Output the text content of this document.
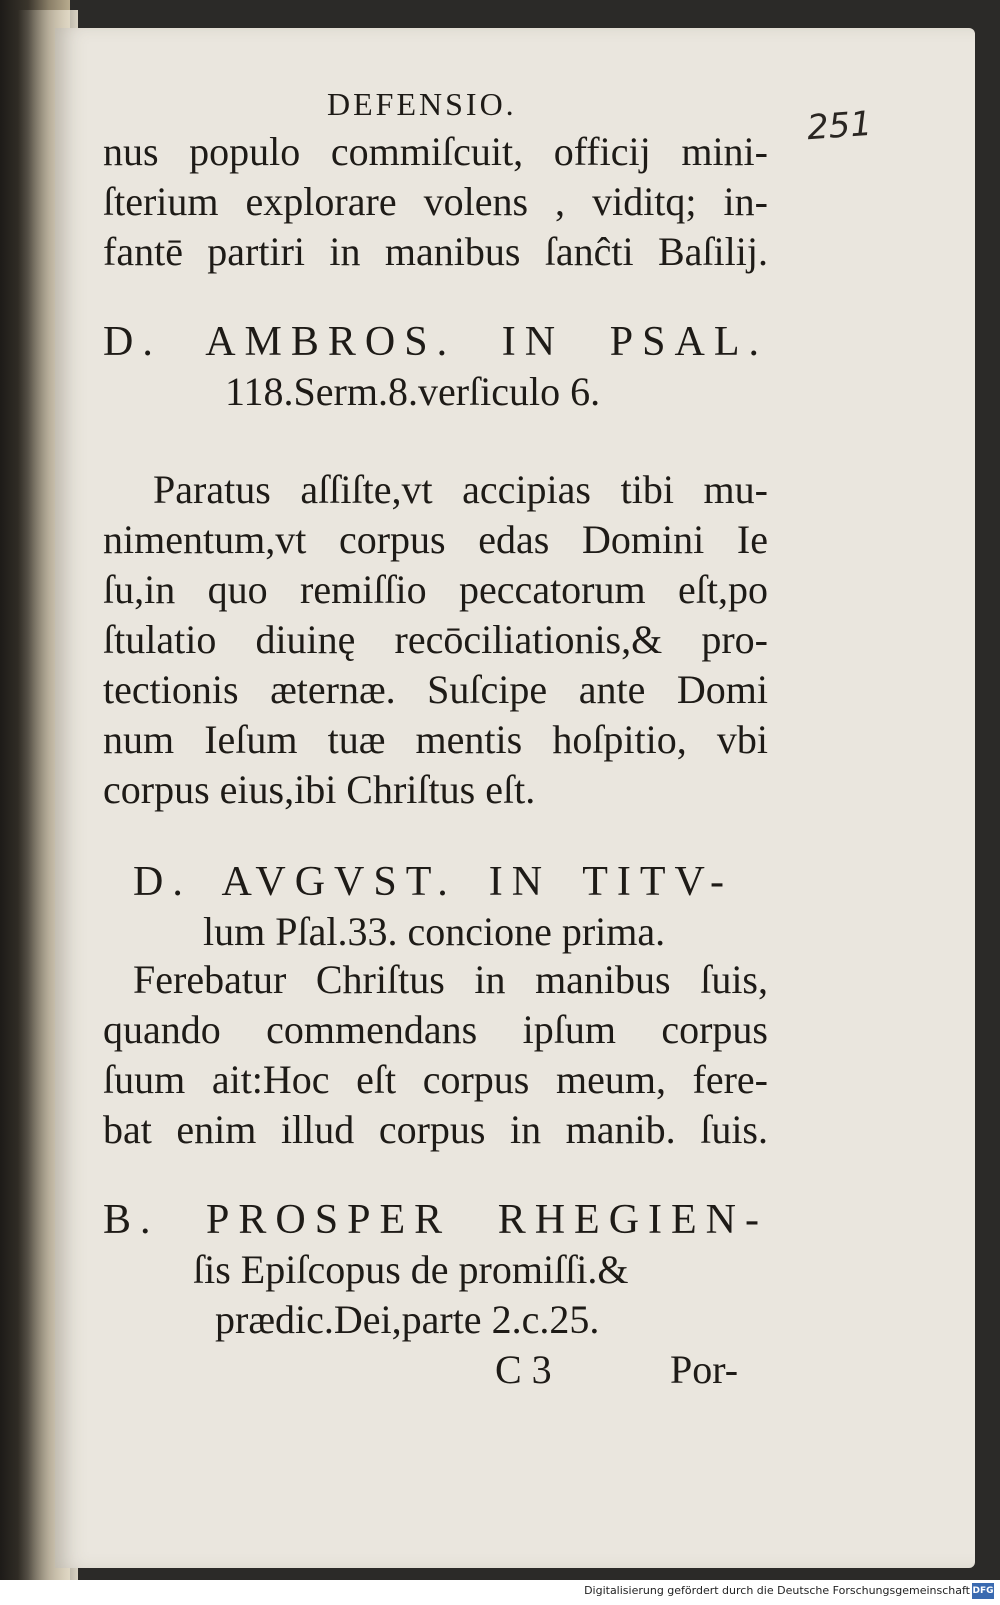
DEFENSIO.	251
nus populo commiſcuit, officij mini-
ſterium explorare volens , viditq; in-
fantē partiri in manibus ſanĉti Baſilij.
D. AMBROS. IN PSAL.
118.Serm.8.verſiculo 6.
Paratus aſſiſte,vt accipias tibi mu-
nimentum,vt corpus edas Domini Ie
ſu,in quo remiſſio peccatorum eſt,po
ſtulatio diuinę recōciliationis,& pro-
tectionis æternæ. Suſcipe ante Domi
num Ieſum tuæ mentis hoſpitio, vbi
corpus eius,ibi Chriſtus eſt.
D. AVGVST. IN TITV-
lum Pſal.33. concione prima.
Ferebatur Chriſtus in manibus ſuis,
quando commendans ipſum corpus
ſuum ait:Hoc eſt corpus meum, fere-
bat enim illud corpus in manib. ſuis.
B. PROSPER RHEGIEN-
ſis Epiſcopus de promiſſi.&
prædic.Dei,parte 2.c.25.
C 3	Por-
Digitalisierung gefördert durch die Deutsche Forschungsgemeinschaft DFG
